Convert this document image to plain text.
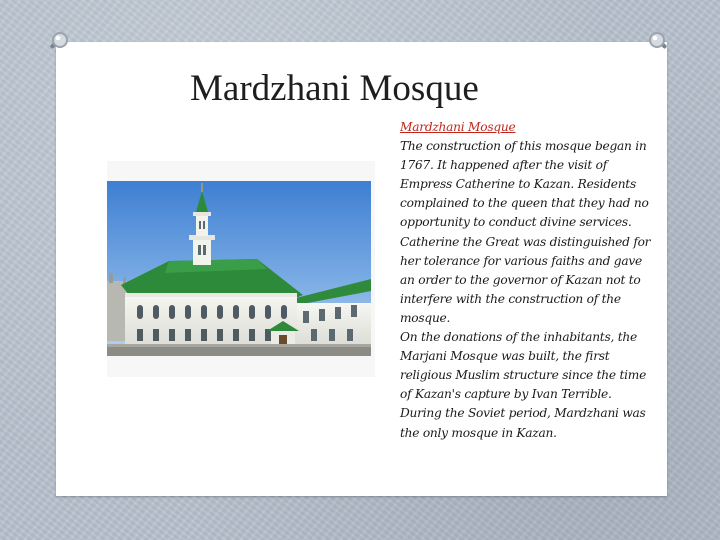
Mardzhani Mosque

Mardzhani Mosque

The construction of this mosque began in 1767. It happened after the visit of Empress Catherine to Kazan. Residents complained to the queen that they had no opportunity to conduct divine services. Catherine the Great was distinguished for her tolerance for various faiths and gave an order to the governor of Kazan not to interfere with the construction of the mosque.

On the donations of the inhabitants, the Marjani Mosque was built, the first religious Muslim structure since the time of Kazan's capture by Ivan Terrible. During the Soviet period, Mardzhani was the only mosque in Kazan.
